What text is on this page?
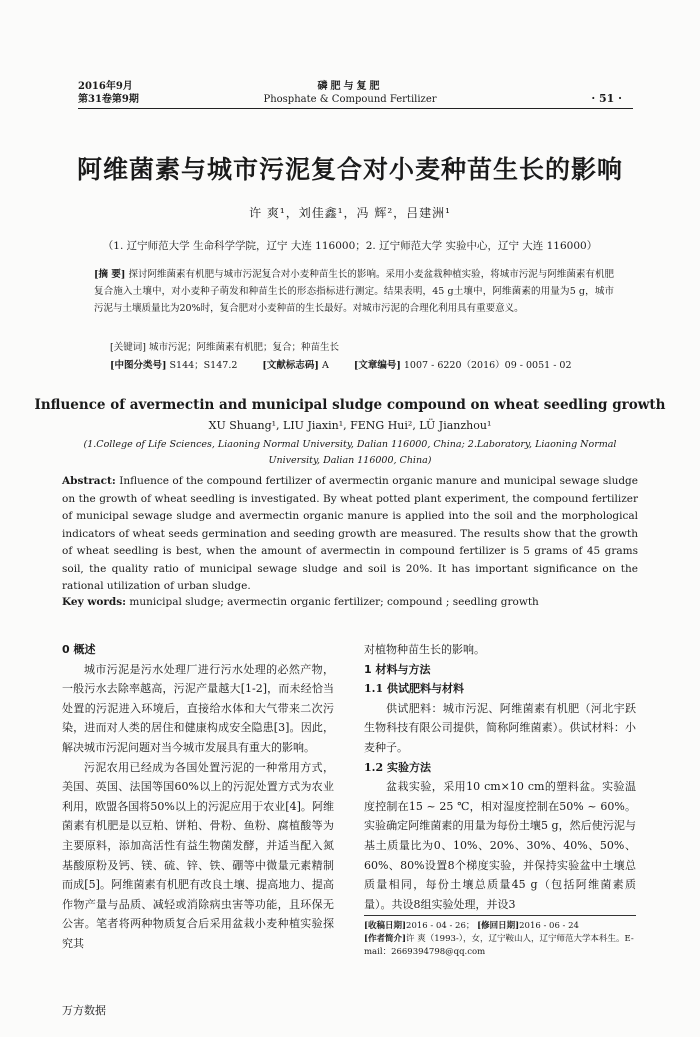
2016年9月
第31卷第9期
磷肥与复肥
Phosphate & Compound Fertilizer	· 51 ·
阿维菌素与城市污泥复合对小麦种苗生长的影响
许 爽¹，刘佳鑫¹，冯 辉²，吕建洲¹
（1. 辽宁师范大学 生命科学学院，辽宁 大连 116000；2. 辽宁师范大学 实验中心，辽宁 大连 116000）
[摘 要] 探讨阿维菌素有机肥与城市污泥复合对小麦种苗生长的影响。采用小麦盆栽种植实验，将城市污泥与阿维菌素有机肥复合施入土壤中，对小麦种子萌发和种苗生长的形态指标进行测定。结果表明，45 g土壤中，阿维菌素的用量为5 g，城市污泥与土壤质量比为20%时，复合肥对小麦种苗的生长最好。对城市污泥的合理化利用具有重要意义。
[关键词] 城市污泥；阿维菌素有机肥；复合；种苗生长
[中图分类号] S144；S147.2	[文献标志码] A	[文章编号] 1007 - 6220（2016）09 - 0051 - 02
Influence of avermectin and municipal sludge compound on wheat seedling growth
XU Shuang¹, LIU Jiaxin¹, FENG Hui², LÜ Jianzhou¹
(1.College of Life Sciences, Liaoning Normal University, Dalian 116000, China; 2.Laboratory, Liaoning Normal University, Dalian 116000, China)
Abstract: Influence of the compound fertilizer of avermectin organic manure and municipal sewage sludge on the growth of wheat seedling is investigated. By wheat potted plant experiment, the compound fertilizer of municipal sewage sludge and avermectin organic manure is applied into the soil and the morphological indicators of wheat seeds germination and seeding growth are measured. The results show that the growth of wheat seedling is best, when the amount of avermectin in compound fertilizer is 5 grams of 45 grams soil, the quality ratio of municipal sewage sludge and soil is 20%. It has important significance on the rational utilization of urban sludge.
Key words: municipal sludge; avermectin organic fertilizer; compound ; seedling growth
0 概述

城市污泥是污水处理厂进行污水处理的必然产物，一般污水去除率越高，污泥产量越大[1-2]，而未经恰当处置的污泥进入环境后，直接给水体和大气带来二次污染，进而对人类的居住和健康构成安全隐患[3]。因此，解决城市污泥问题对当今城市发展具有重大的影响。

污泥农用已经成为各国处置污泥的一种常用方式，美国、英国、法国等国60%以上的污泥处置方式为农业利用，欧盟各国将50%以上的污泥应用于农业[4]。阿维菌素有机肥是以豆粕、饼粕、骨粉、鱼粉、腐植酸等为主要原料，添加高活性有益生物菌发酵，并适当配入氮基酸原粉及钙、镁、硫、锌、铁、硼等中微量元素精制而成[5]。阿维菌素有机肥有改良土壤、提高地力、提高作物产量与品质、减轻或消除病虫害等功能，且环保无公害。笔者将两种物质复合后采用盆栽小麦种植实验探究其

对植物种苗生长的影响。

1 材料与方法
1.1 供试肥料与材料

供试肥料：城市污泥、阿维菌素有机肥（河北宇跃生物科技有限公司提供，简称阿维菌素）。供试材料：小麦种子。

1.2 实验方法

盆栽实验，采用10 cm×10 cm的塑料盆。实验温度控制在15 ~ 25 ℃，相对湿度控制在50% ~ 60%。实验确定阿维菌素的用量为每份土壤5 g，然后使污泥与基土质量比为0、10%、20%、30%、40%、50%、60%、80%设置8个梯度实验，并保持实验盆中土壤总质量相同，每份土壤总质量45 g（包括阿维菌素质量）。共设8组实验处理，并设3

[收稿日期]2016 - 04 - 26； [修回日期]2016 - 06 - 24
[作者简介]许 爽（1993-），女，辽宁鞍山人，辽宁师范大学本科生。E-mail：2669394798@qq.com
万方数据
